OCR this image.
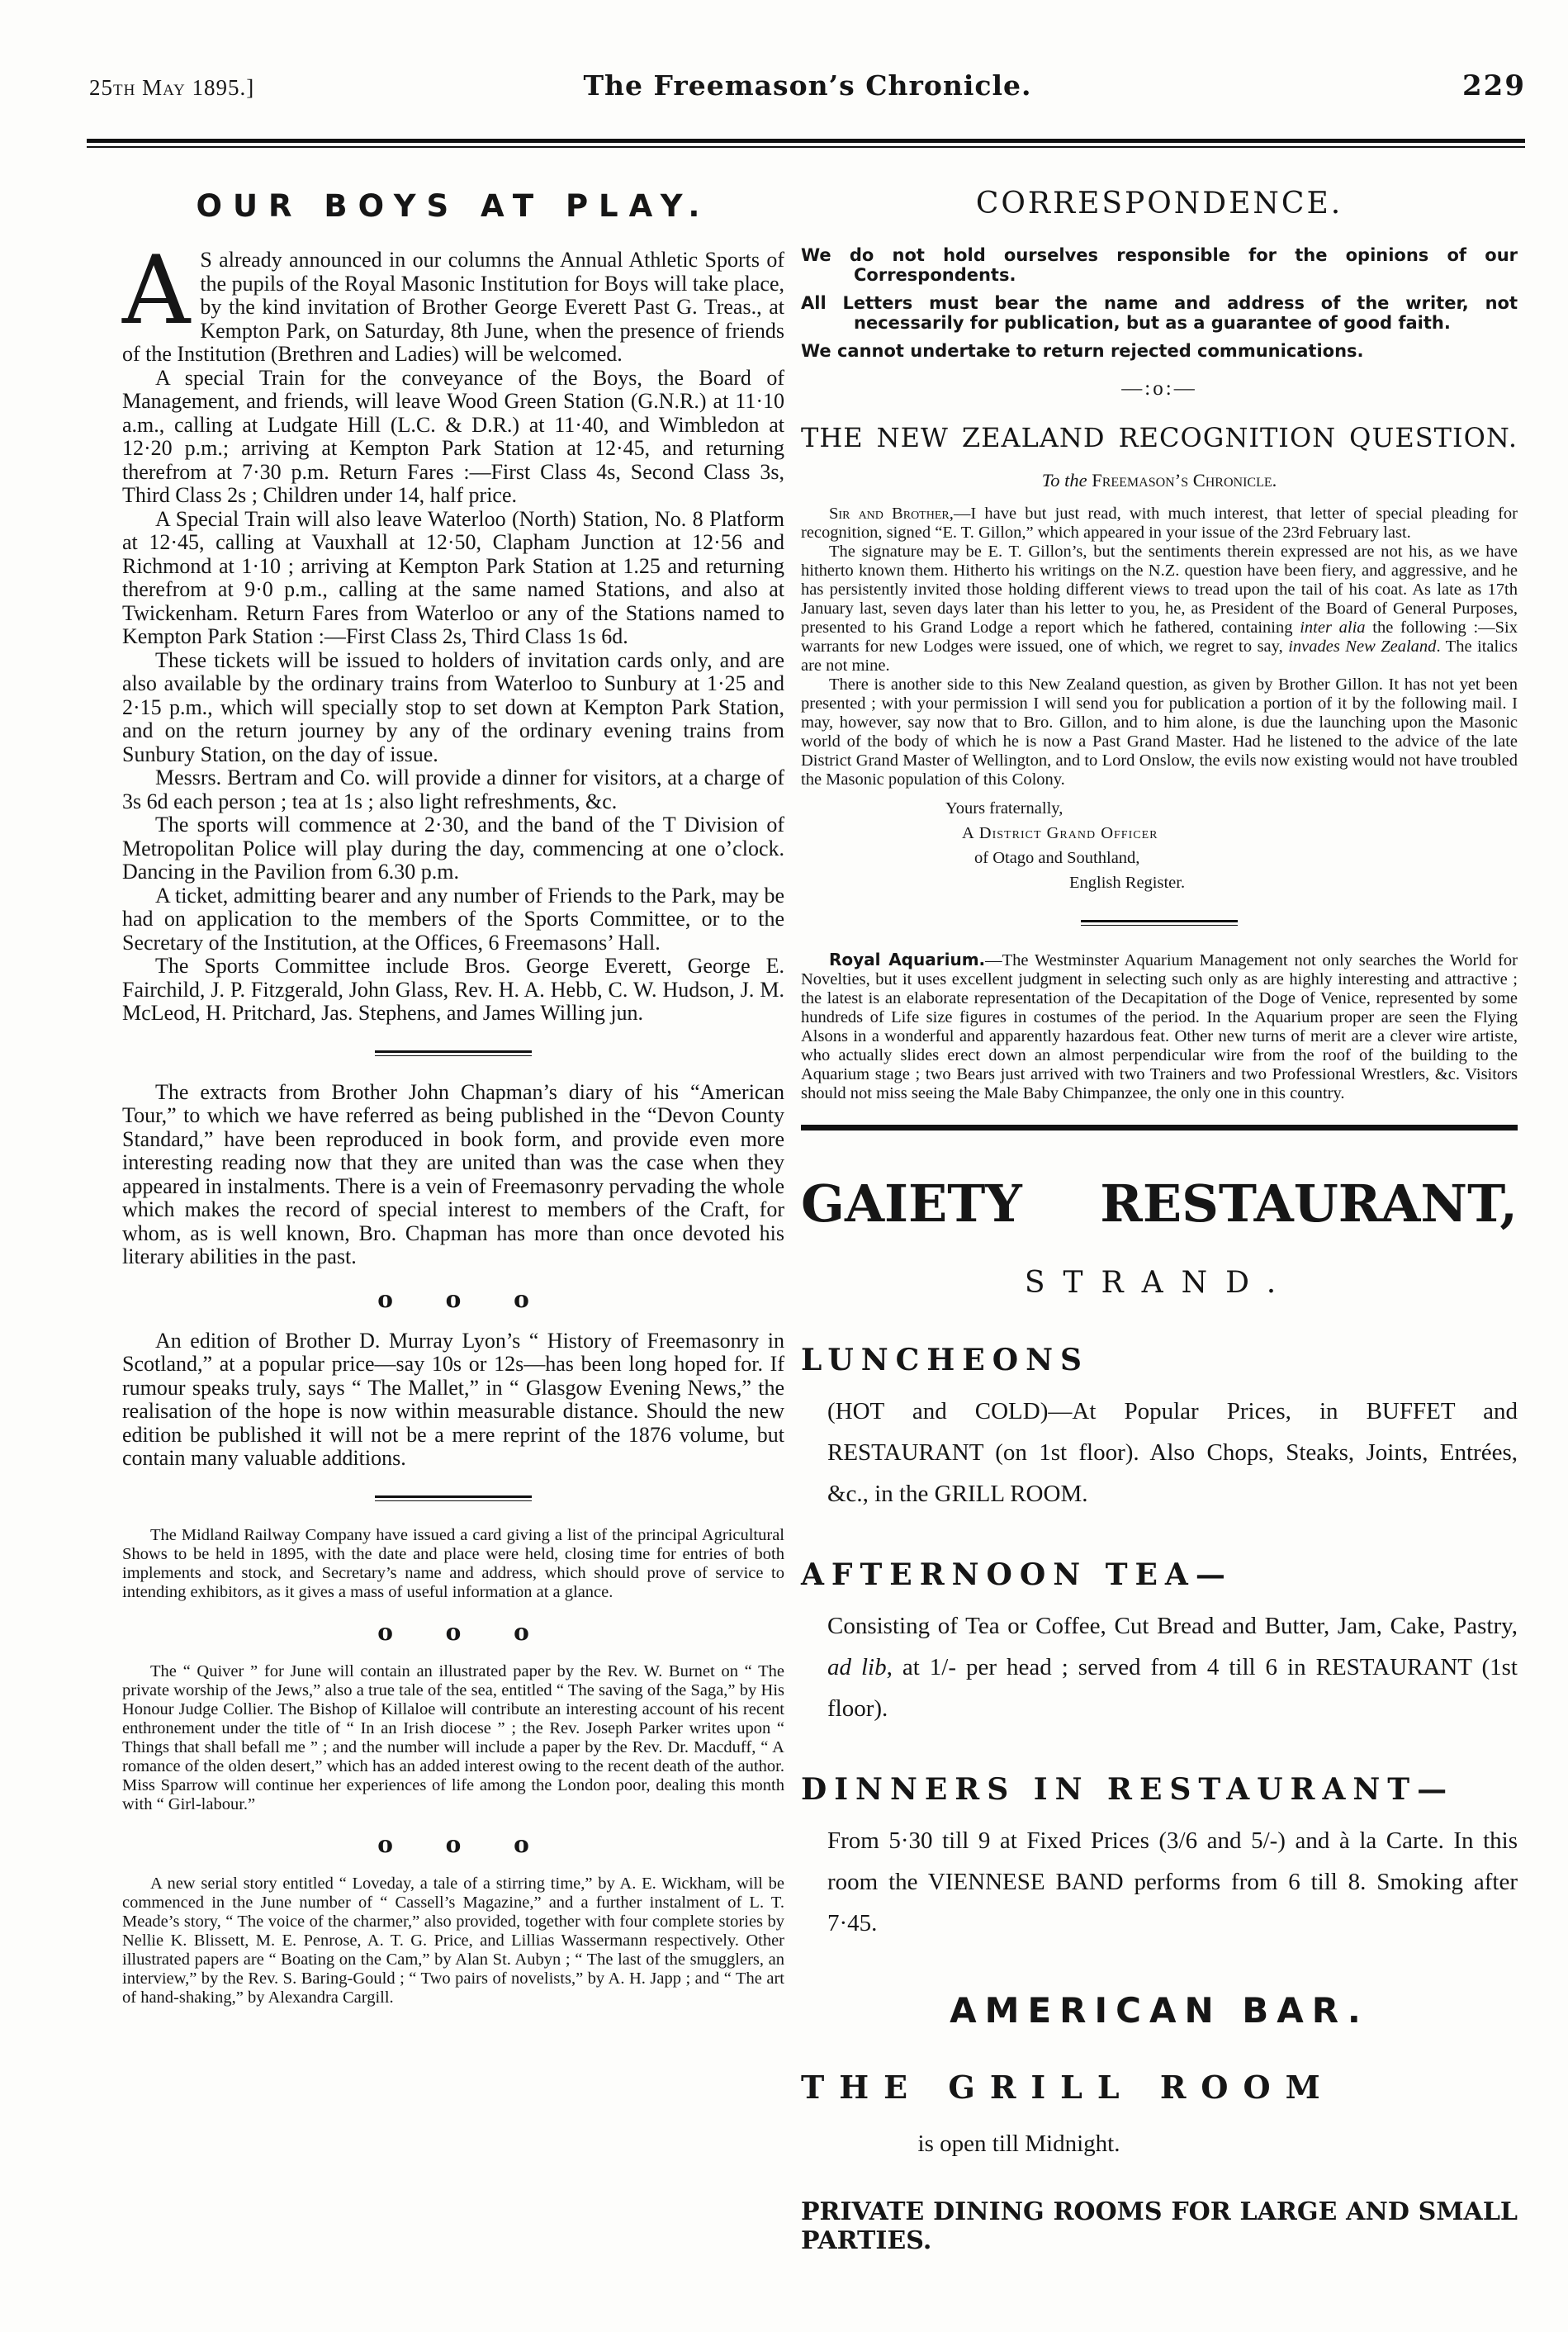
25th May 1895.]	The Freemason’s Chronicle.	229
OUR BOYS AT PLAY.

A S already announced in our columns the Annual Athletic Sports of the pupils of the Royal Masonic Institution for Boys will take place, by the kind invitation of Brother George Everett Past G. Treas., at Kempton Park, on Saturday, 8th June, when the presence of friends of the Institution (Brethren and Ladies) will be welcomed.

A special Train for the conveyance of the Boys, the Board of Management, and friends, will leave Wood Green Station (G.N.R.) at 11·10 a.m., calling at Ludgate Hill (L.C. & D.R.) at 11·40, and Wimbledon at 12·20 p.m.; arriving at Kempton Park Station at 12·45, and returning therefrom at 7·30 p.m. Return Fares :—First Class 4s, Second Class 3s, Third Class 2s ; Children under 14, half price.

A Special Train will also leave Waterloo (North) Station, No. 8 Platform at 12·45, calling at Vauxhall at 12·50, Clapham Junction at 12·56 and Richmond at 1·10 ; arriving at Kempton Park Station at 1.25 and returning therefrom at 9·0 p.m., calling at the same named Stations, and also at Twickenham. Return Fares from Waterloo or any of the Stations named to Kempton Park Station :—First Class 2s, Third Class 1s 6d.

These tickets will be issued to holders of invitation cards only, and are also available by the ordinary trains from Waterloo to Sunbury at 1·25 and 2·15 p.m., which will specially stop to set down at Kempton Park Station, and on the return journey by any of the ordinary evening trains from Sunbury Station, on the day of issue.

Messrs. Bertram and Co. will provide a dinner for visitors, at a charge of 3s 6d each person ; tea at 1s ; also light refreshments, &c.

The sports will commence at 2·30, and the band of the T Division of Metropolitan Police will play during the day, commencing at one o’clock. Dancing in the Pavilion from 6.30 p.m.

A ticket, admitting bearer and any number of Friends to the Park, may be had on application to the members of the Sports Committee, or to the Secretary of the Institution, at the Offices, 6 Freemasons’ Hall.

The Sports Committee include Bros. George Everett, George E. Fairchild, J. P. Fitzgerald, John Glass, Rev. H. A. Hebb, C. W. Hudson, J. M. McLeod, H. Pritchard, Jas. Stephens, and James Willing jun.

The extracts from Brother John Chapman’s diary of his “American Tour,” to which we have referred as being published in the “Devon County Standard,” have been reproduced in book form, and provide even more interesting reading now that they are united than was the case when they appeared in instalments. There is a vein of Freemasonry pervading the whole which makes the record of special interest to members of the Craft, for whom, as is well known, Bro. Chapman has more than once devoted his literary abilities in the past.

o o o

An edition of Brother D. Murray Lyon’s “ History of Freemasonry in Scotland,” at a popular price—say 10s or 12s—has been long hoped for. If rumour speaks truly, says “ The Mallet,” in “ Glasgow Evening News,” the realisation of the hope is now within measurable distance. Should the new edition be published it will not be a mere reprint of the 1876 volume, but contain many valuable additions.

The Midland Railway Company have issued a card giving a list of the principal Agricultural Shows to be held in 1895, with the date and place were held, closing time for entries of both implements and stock, and Secretary’s name and address, which should prove of service to intending exhibitors, as it gives a mass of useful information at a glance.

o o o

The “ Quiver ” for June will contain an illustrated paper by the Rev. W. Burnet on “ The private worship of the Jews,” also a true tale of the sea, entitled “ The saving of the Saga,” by His Honour Judge Collier. The Bishop of Killaloe will contribute an interesting account of his recent enthronement under the title of “ In an Irish diocese ” ; the Rev. Joseph Parker writes upon “ Things that shall befall me ” ; and the number will include a paper by the Rev. Dr. Macduff, “ A romance of the olden desert,” which has an added interest owing to the recent death of the author. Miss Sparrow will continue her experiences of life among the London poor, dealing this month with “ Girl-labour.”

o o o

A new serial story entitled “ Loveday, a tale of a stirring time,” by A. E. Wickham, will be commenced in the June number of “ Cassell’s Magazine,” and a further instalment of L. T. Meade’s story, “ The voice of the charmer,” also provided, together with four complete stories by Nellie K. Blissett, M. E. Penrose, A. T. G. Price, and Lillias Wassermann respectively. Other illustrated papers are “ Boating on the Cam,” by Alan St. Aubyn ; “ The last of the smugglers, an interview,” by the Rev. S. Baring-Gould ; “ Two pairs of novelists,” by A. H. Japp ; and “ The art of hand-shaking,” by Alexandra Cargill.

CORRESPONDENCE.

We do not hold ourselves responsible for the opinions of our Correspondents.

All Letters must bear the name and address of the writer, not necessarily for publication, but as a guarantee of good faith.

We cannot undertake to return rejected communications.

—:o:—
THE NEW ZEALAND RECOGNITION QUESTION.

To the Freemason’s Chronicle.

Sir and Brother,—I have but just read, with much interest, that letter of special pleading for recognition, signed “E. T. Gillon,” which appeared in your issue of the 23rd February last.

The signature may be E. T. Gillon’s, but the sentiments therein expressed are not his, as we have hitherto known them. Hitherto his writings on the N.Z. question have been fiery, and aggressive, and he has persistently invited those holding different views to tread upon the tail of his coat. As late as 17th January last, seven days later than his letter to you, he, as President of the Board of General Purposes, presented to his Grand Lodge a report which he fathered, containing inter alia the following :—Six warrants for new Lodges were issued, one of which, we regret to say, invades New Zealand. The italics are not mine.

There is another side to this New Zealand question, as given by Brother Gillon. It has not yet been presented ; with your permission I will send you for publication a portion of it by the following mail. I may, however, say now that to Bro. Gillon, and to him alone, is due the launching upon the Masonic world of the body of which he is now a Past Grand Master. Had he listened to the advice of the late District Grand Master of Wellington, and to Lord Onslow, the evils now existing would not have troubled the Masonic population of this Colony.

Yours fraternally,

A District Grand Officer

of Otago and Southland,

English Register.

Royal Aquarium.—The Westminster Aquarium Management not only searches the World for Novelties, but it uses excellent judgment in selecting such only as are highly interesting and attractive ; the latest is an elaborate representation of the Decapitation of the Doge of Venice, represented by some hundreds of Life size figures in costumes of the period. In the Aquarium proper are seen the Flying Alsons in a wonderful and apparently hazardous feat. Other new turns of merit are a clever wire artiste, who actually slides erect down an almost perpendicular wire from the roof of the building to the Aquarium stage ; two Bears just arrived with two Trainers and two Professional Wrestlers, &c. Visitors should not miss seeing the Male Baby Chimpanzee, the only one in this country.

GAIETY RESTAURANT,
STRAND.
LUNCHEONS

(HOT and COLD)—At Popular Prices, in BUFFET and RESTAURANT (on 1st floor). Also Chops, Steaks, Joints, Entrées, &c., in the GRILL ROOM.

AFTERNOON TEA—

Consisting of Tea or Coffee, Cut Bread and Butter, Jam, Cake, Pastry, ad lib, at 1/- per head ; served from 4 till 6 in RESTAURANT (1st floor).

DINNERS IN RESTAURANT—

From 5·30 till 9 at Fixed Prices (3/6 and 5/-) and à la Carte. In this room the VIENNESE BAND performs from 6 till 8. Smoking after 7·45.

AMERICAN BAR.
THE GRILL ROOM

is open till Midnight.

PRIVATE DINING ROOMS FOR LARGE AND SMALL PARTIES.
